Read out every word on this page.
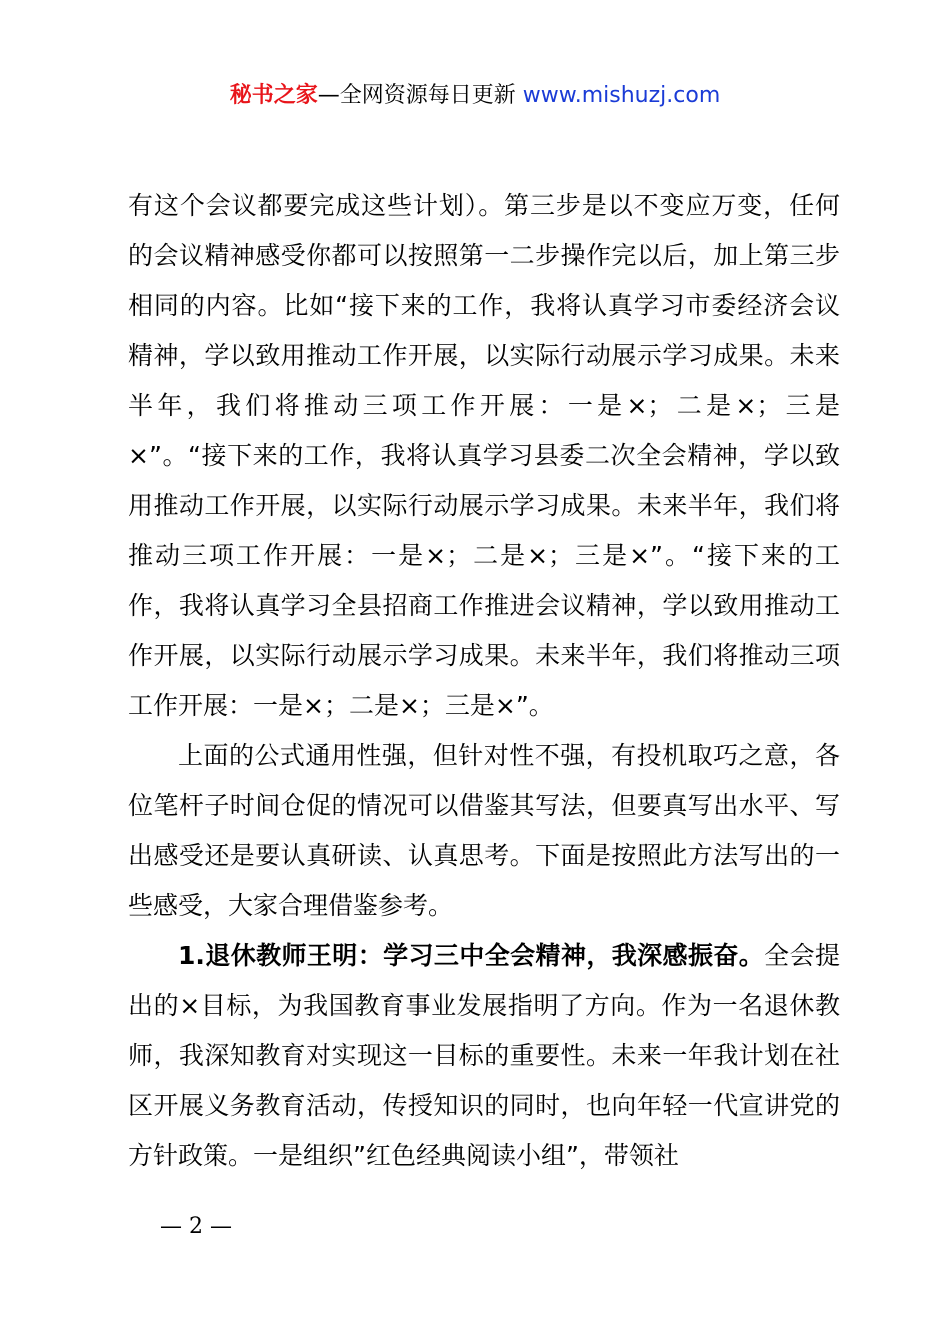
秘书之家—全网资源每日更新 www.mishuzj.com

有这个会议都要完成这些计划）。第三步是以不变应万变，任何的会议精神感受你都可以按照第一二步操作完以后，加上第三步相同的内容。比如“接下来的工作，我将认真学习市委经济会议精神，学以致用推动工作开展，以实际行动展示学习成果。未来半年，我们将推动三项工作开展：一是×；二是×；三是×”。“接下来的工作，我将认真学习县委二次全会精神，学以致用推动工作开展，以实际行动展示学习成果。未来半年，我们将推动三项工作开展：一是×；二是×；三是×”。“接下来的工作，我将认真学习全县招商工作推进会议精神，学以致用推动工作开展，以实际行动展示学习成果。未来半年，我们将推动三项工作开展：一是×；二是×；三是×”。

上面的公式通用性强，但针对性不强，有投机取巧之意，各位笔杆子时间仓促的情况可以借鉴其写法，但要真写出水平、写出感受还是要认真研读、认真思考。下面是按照此方法写出的一些感受，大家合理借鉴参考。

1.退休教师王明：学习三中全会精神，我深感振奋。全会提出的×目标，为我国教育事业发展指明了方向。作为一名退休教师，我深知教育对实现这一目标的重要性。未来一年我计划在社区开展义务教育活动，传授知识的同时，也向年轻一代宣讲党的方针政策。一是组织”红色经典阅读小组”，带领社

— 2 —
